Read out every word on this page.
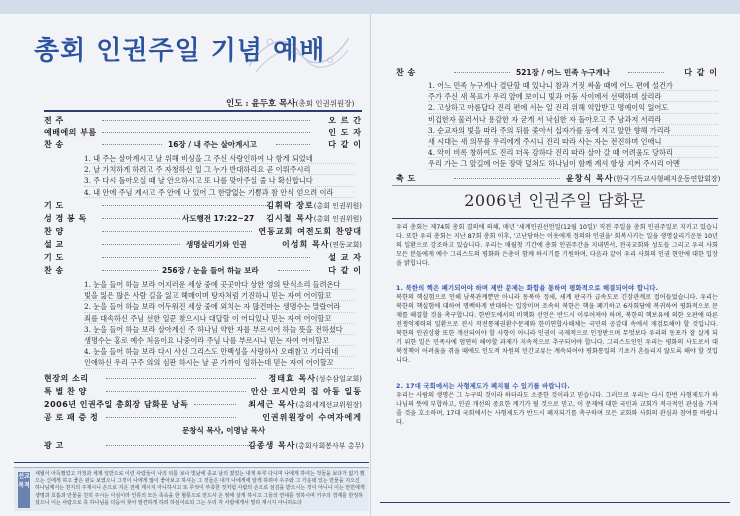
총회 인권주일 기념 예배
인도 : 윤두호 목사(총회 인권위원장)
전 주	오 르 간
예배에의 부름	인 도 자
찬 송	16장 / 내 주는 살아계시고	다 같 이
1. 내 주는 살아계시고 날 위해 비싱을 그 주신 사랑인하여 나 항게 되었네
2. 날 가치하게 하려고 주 자청하신 일 그 누가 반대하리요 곧 이뤄주시리
3. 주 다시 돌아오실 때 날 안으하시고 또 나를 맞아주실 줄 나 확신합니다
4. 내 안에 주님 계시고 주 안에 나 있어 그 한량없는 기쁨과 참 안식 얻으려 이라
기 도	김휘락 장로(총회 인권위원)
성 경 봉 독	사도행전 17:22~27	김시철 목사(총회 인권위원)
찬 양	연동교회 여전도회 찬양대
설 교	생명살리기와 인권	이성희 목사(연동교회)
기 도	설 교 자
찬 송	256장 / 눈을 들어 하늘 보라	다 같 이
1. 눈을 들어 하늘 보라 어지러운 세상 중에 곳곳마다 상한 영의 탄식소리 들려온다
빛을 잃은 많은 사람 길을 잃고 헤매이며 탕자처럼 기진하니 믿는 자여 어이할꼬
2. 눈을 들어 하늘 보라 어두워진 세상 중에 외치는 자 많건마는 생명수는 말랐어라
죄를 대속하신 주님 선한 일꾼 찾으시나 대답할 이 어디있나 믿는 자여 어이할꼬
3. 눈을 들어 하늘 보라 살아계신 주 하나님 약한 자를 부르시어 하늘 뜻을 전하셨다
생명수는 홍로 예수 처음이요 나중이라 주님 나를 부르시니 믿는 자여 어이할꼬
4. 눈을 들어 하늘 보라 다시 사신 그리스도 만백성을 사랑하사 오래참고 기다리네
인애하신 우리 구주 의의 심판 하시는 날 곧 가까이 임하는데 믿는 자여 어이할꼬
현장의 소리	정태효 목사(성수삼일교회)
특 별 찬 양	안산 코시안의 집 아동 일동
2006년 인권주일 총회장 담화문 낭독	최세근 목사(총회세계선교위원장)
공 로 패 증 정	인권위원장이 수여자에게
문창식 목사, 이명남 목사
광 고	김종생 목사(총회사회봉사부 총무)
선교목적
세월이 아득했었고 가정과 세계 일반으로 이런 사람들이 나의 뒤를 보나 빛났에 종교 남의 졌었는 내게 두루 다니며 나에게 하여는 것들을 보다가 없기 했으는 신에게 하고 좋은 판도 보였으니 그것이 나에게 많이 좋아보고 하셔는 그 것들은 내가 나에게에 알게 하려야 우주와 그 가운데 있는 만물을 지으신 하나님께서는 천지의 주재시니 손으로 지은 전에 계시지 아니하시고 또 무엇이 부족한 것처럼 사람의 손으로 섬김을 받으시는 것이 아니니 이는 만민에게 생명과 호흡과 만물을 친히 주시는 이심이라 인류의 모든 족속을 한 혈통으로 만드사 온 땅에 살게 하시고 그들의 연대를 정하시며 거주의 경계를 한정하셨으니 이는 사람으로 혹 하나님을 더듬어 찾아 발견하게 하려 하심이로되 그는 우리 각 사람에게서 멀리 계시지 아니하도다
찬 송	521장 / 어느 민족 누구게나	다 같 이
1. 어느 민족 누구게나 결단할 때 있나니 참과 거짓 싸울 때에 어느 편에 설건가
주가 주신 새 목표가 우리 앞에 보이니 빛과 어둠 사이에서 선택하며 살리라
2. 고상하고 아름답다 진리 편에 서는 일 진리 위해 억압받고 명예이익 잃어도
비겁한자 물러서나 용감한 자 굳게 서 낙심한 자 돌아오고 주 남과저 서리라
3. 순교자의 빛을 따라 주의 뒤를 좇아서 십자가를 등에 지고 앞만 향해 가리라
새 시대는 새 의무를 우리에게 주시니 진리 따라 사는 자는 전진하며 인애니
4. 악이 비록 창하여도 진리 더욱 강하다 진리 따라 살아 갈 때 어려움도 당하리
우리 가는 그 앞길에 어둔 장막 덮쳐도 하나님이 함께 계셔 항상 지켜 주시리 아멘
축 도	윤창식 목사(한국기독교사형폐지운동연합회장)
2006년 인권주일 담화문
우리 총회는 제74회 총회 결의에 의해, 매년 '세계인권선언일(12월 10일)' 직전 주일을 총회 인권주일로 지키고 있습니다. 또한 우리 총회는 지난 87회 총회 이후, '고난당하는 이웃에게 정의와 인권을' 회복시키는 일을 생명살리기운동 10년의 일환으로 강조하고 있습니다. 우리는 매월첫 기간에 총회 인권주간을 지내면서, 전국교회와 성도들 그리고 우리 사회 모든 분들에게 예수 그리스도의 평화와 은총이 함께 하시기를 기원하며, 다음과 같이 우리 사회의 인권 현안에 대한 입장을 밝힙니다.
1. 북한의 핵은 폐기되어야 하며 제반 문제는 화합을 통하여 평화적으로 해결되어야 합니다.
북한의 핵실험으로 인해 남북관계뿐만 아니라 동북아 정세, 세계 판국가 급속도로 긴장관계로 접어들었습니다. 우리는 북한의 핵실험에 대하여 명백하게 반대하는 입장이며 조속히 북한은 핵을 폐기하고 6자회담에 복귀하여 평화적으로 문제를 해결할 것을 촉구합니다. 한반도에서의 비핵화 선언은 반드시 이루어져야 하며, 북한의 핵보유에 의한 오판에 따른 전쟁억제력의 일환으로 전시 작전통제권환수문제와 한미연합사해체는 국민의 공감대 속에서 재검토해야 할 것입니다. 북한의 인권상황 또한 개선되어야 할 사항이 아니라 인권이 국제적으로 인정받으며 무엇보다 우리의 동포가 잘 살게 되기 위한 일은 민족사에 엄연히 해야할 과제가 지속적으로 추구되어야 합니다. 그리스도인인 우리는 평화의 사도로서 대북정책이 어려움을 겪을 때에도 인도적 차원의 민간교류는 계속되어야 평화통일의 기초가 흔들리지 않도록 해야 할 것입니다.
2. 17대 국회에서는 사형제도가 폐지될 수 있기를 바랍니다.
우리는 사람의 생명은 그 누구의 것이라 하더라도 소중한 것이라고 믿습니다. 그러므로 우리는 다시 한번 사형제도가 하나님의 뜻에 부합하고, 인권 개선의 중요한 계기가 될 것으로 믿고, 이 문제에 대한 국민과 교회가 적극적인 관심을 가져 줄 것을 호소하며, 17대 국회에서는 사형제도가 반드시 폐지되기를 촉구하며 모든 교회와 사회의 관심과 참여를 바랍니다.
